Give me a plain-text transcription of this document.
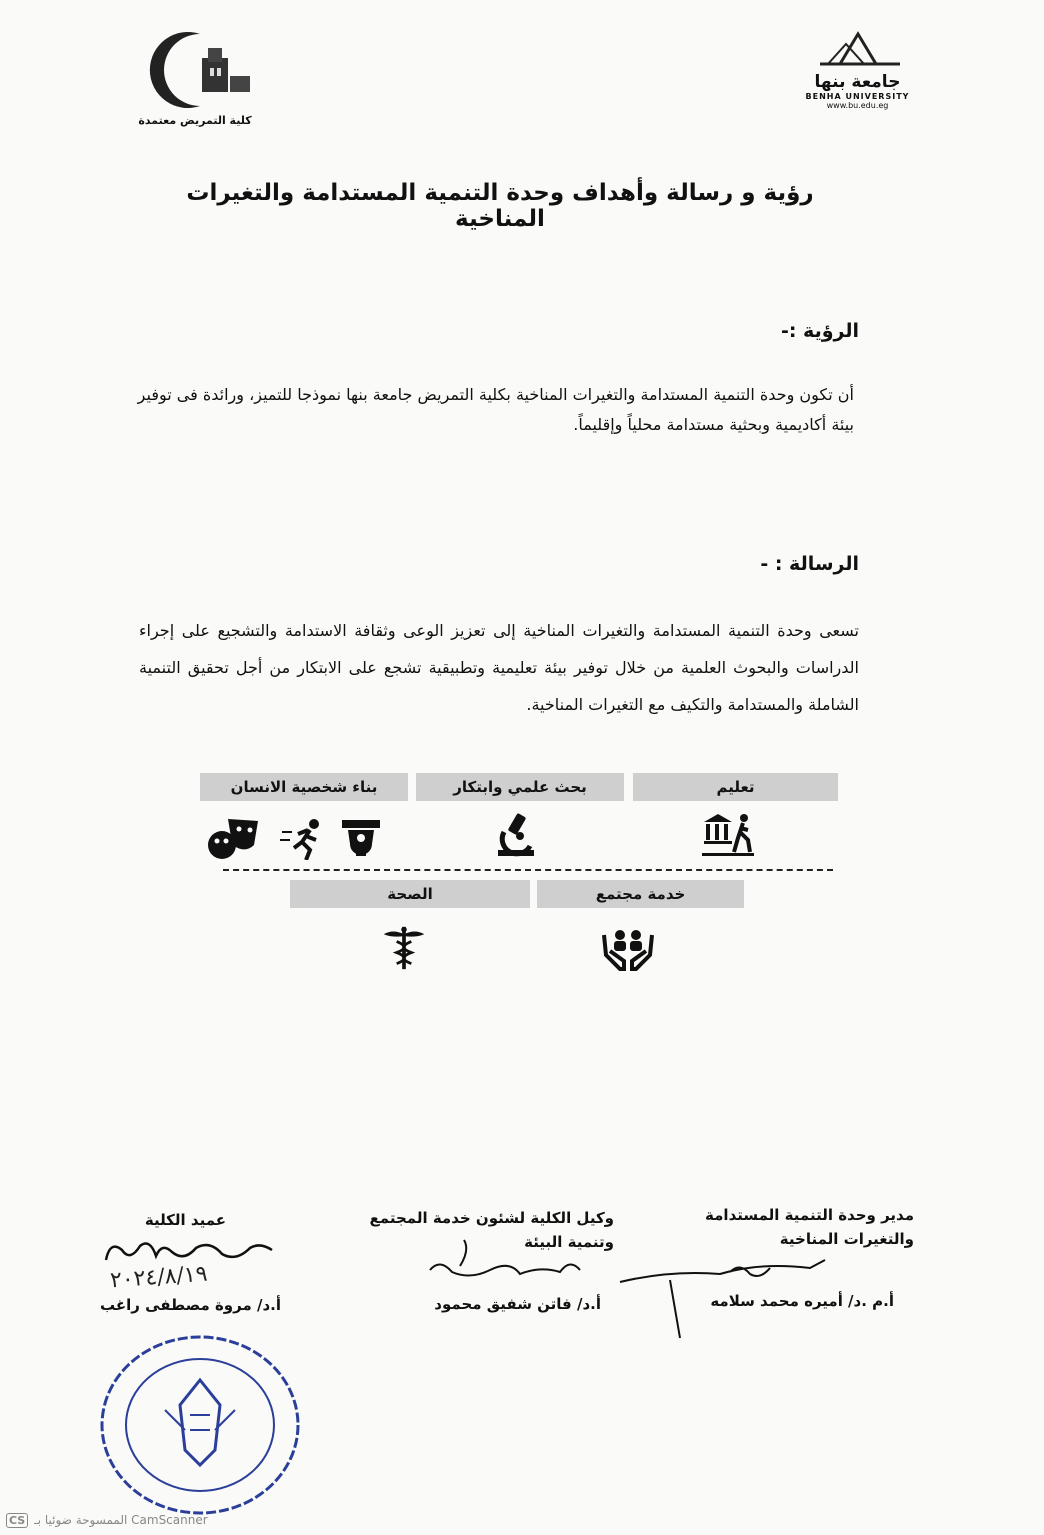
كلية التمريض معتمدة
جامعة بنها
BENHA UNIVERSITY
www.bu.edu.eg
رؤية و رسالة وأهداف وحدة التنمية المستدامة والتغيرات المناخية
الرؤية :-
أن تكون وحدة التنمية المستدامة والتغيرات المناخية بكلية التمريض جامعة بنها نموذجا للتميز، ورائدة فى توفير بيئة أكاديمية وبحثية مستدامة محلياً وإقليماً.
الرسالة : -
تسعى وحدة التنمية المستدامة والتغيرات المناخية إلى تعزيز الوعى وثقافة الاستدامة والتشجيع على إجراء الدراسات والبحوث العلمية من خلال توفير بيئة تعليمية وتطبيقية تشجع على الابتكار من أجل تحقيق التنمية الشاملة والمستدامة والتكيف مع التغيرات المناخية.
تعليم
بحث علمي وابتكار
بناء شخصية الانسان
خدمة مجتمع
الصحة
مدير وحدة التنمية المستدامة والتغيرات المناخية
أ.م .د/ أميره محمد سلامه
وكيل الكلية لشئون خدمة المجتمع وتنمية البيئة
أ.د/ فاتن شفيق محمود
عميد الكلية
٢٠٢٤/٨/١٩
أ.د/ مروة مصطفى راغب
CS الممسوحة ضوئيا بـ CamScanner
